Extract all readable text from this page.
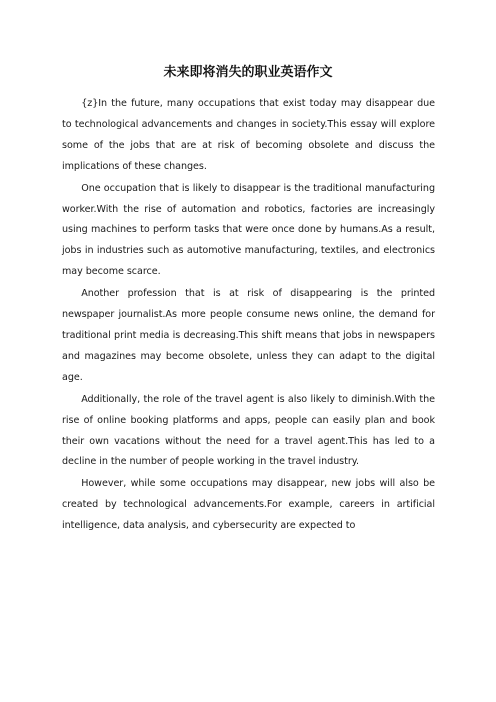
未来即将消失的职业英语作文

{z}In the future, many occupations that exist today may disappear due to technological advancements and changes in society.This essay will explore some of the jobs that are at risk of becoming obsolete and discuss the implications of these changes.

One occupation that is likely to disappear is the traditional manufacturing worker.With the rise of automation and robotics, factories are increasingly using machines to perform tasks that were once done by humans.As a result, jobs in industries such as automotive manufacturing, textiles, and electronics may become scarce.

Another profession that is at risk of disappearing is the printed newspaper journalist.As more people consume news online, the demand for traditional print media is decreasing.This shift means that jobs in newspapers and magazines may become obsolete, unless they can adapt to the digital age.

Additionally, the role of the travel agent is also likely to diminish.With the rise of online booking platforms and apps, people can easily plan and book their own vacations without the need for a travel agent.This has led to a decline in the number of people working in the travel industry.

However, while some occupations may disappear, new jobs will also be created by technological advancements.For example, careers in artificial intelligence, data analysis, and cybersecurity are expected to
